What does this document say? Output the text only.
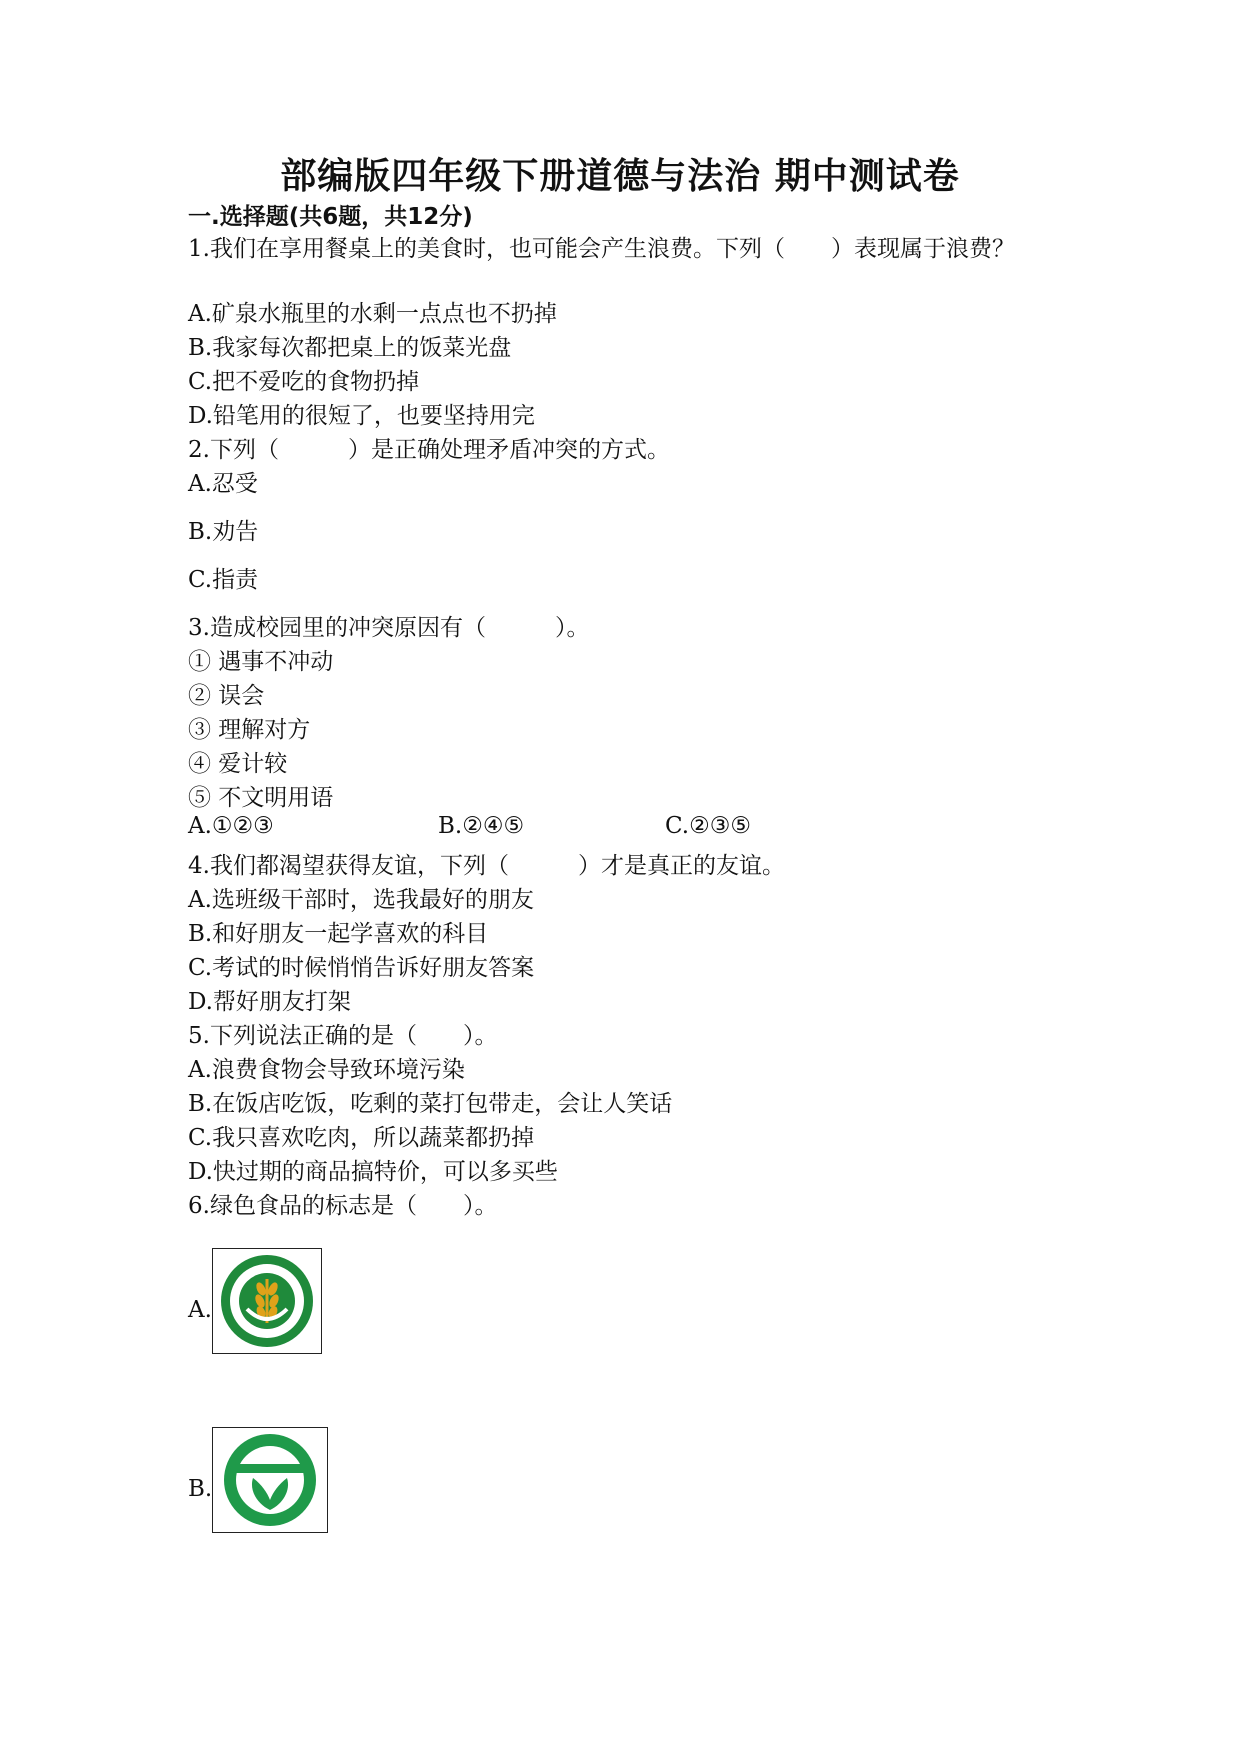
部编版四年级下册道德与法治 期中测试卷
一.选择题(共6题，共12分)
1.我们在享用餐桌上的美食时，也可能会产生浪费。下列（　　）表现属于浪费？
A.矿泉水瓶里的水剩一点点也不扔掉
B.我家每次都把桌上的饭菜光盘
C.把不爱吃的食物扔掉
D.铅笔用的很短了，也要坚持用完
2.下列（　　　）是正确处理矛盾冲突的方式。
A.忍受
B.劝告
C.指责
3.造成校园里的冲突原因有（　　　）。
① 遇事不冲动
② 误会
③ 理解对方
④ 爱计较
⑤ 不文明用语
A.①②③	B.②④⑤	C.②③⑤
4.我们都渴望获得友谊，下列（　　　）才是真正的友谊。
A.选班级干部时，选我最好的朋友
B.和好朋友一起学喜欢的科目
C.考试的时候悄悄告诉好朋友答案
D.帮好朋友打架
5.下列说法正确的是（　　）。
A.浪费食物会导致环境污染
B.在饭店吃饭，吃剩的菜打包带走，会让人笑话
C.我只喜欢吃肉，所以蔬菜都扔掉
D.快过期的商品搞特价，可以多买些
6.绿色食品的标志是（　　）。
A.
B.
